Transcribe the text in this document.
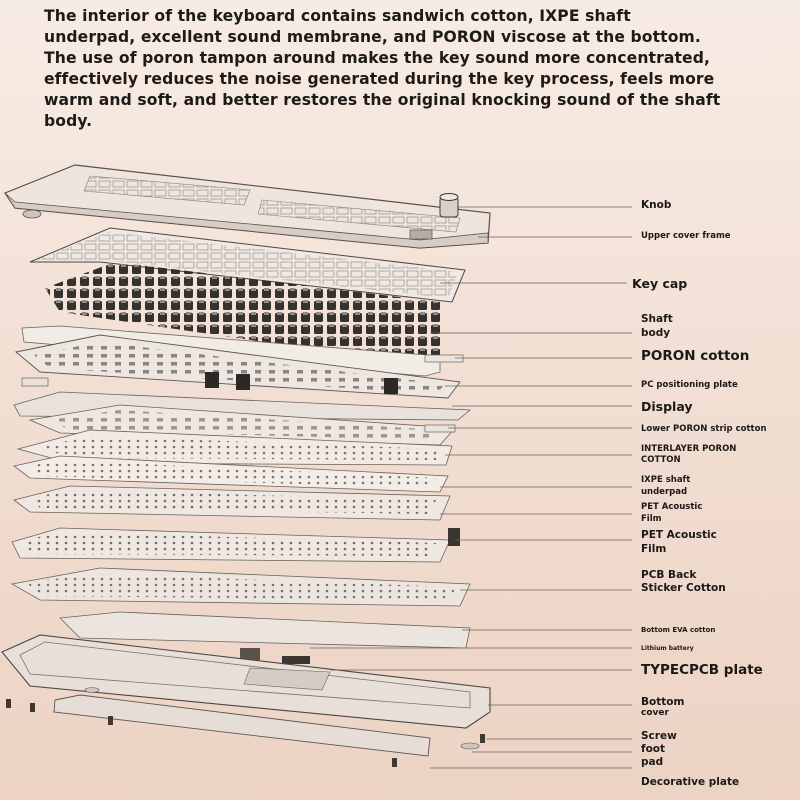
The interior of the keyboard contains sandwich cotton, IXPE shaft underpad, excellent sound membrane, and PORON viscose at the bottom. The use of poron tampon around makes the key sound more concentrated, effectively reduces the noise generated during the key process, feels more warm and soft, and better restores the original knocking sound of the shaft body.
Knob
Upper cover frame
Key cap
Shaft
body
PORON cotton
PC positioning plate
Display
Lower PORON strip cotton
INTERLAYER PORON
COTTON
IXPE shaft
underpad
PET Acoustic
Film
PET Acoustic
Film
PCB Back
Sticker Cotton
Bottom EVA cotton
Lithium battery
TYPECPCB plate
Bottom
cover
Screw
foot
pad
Decorative plate
